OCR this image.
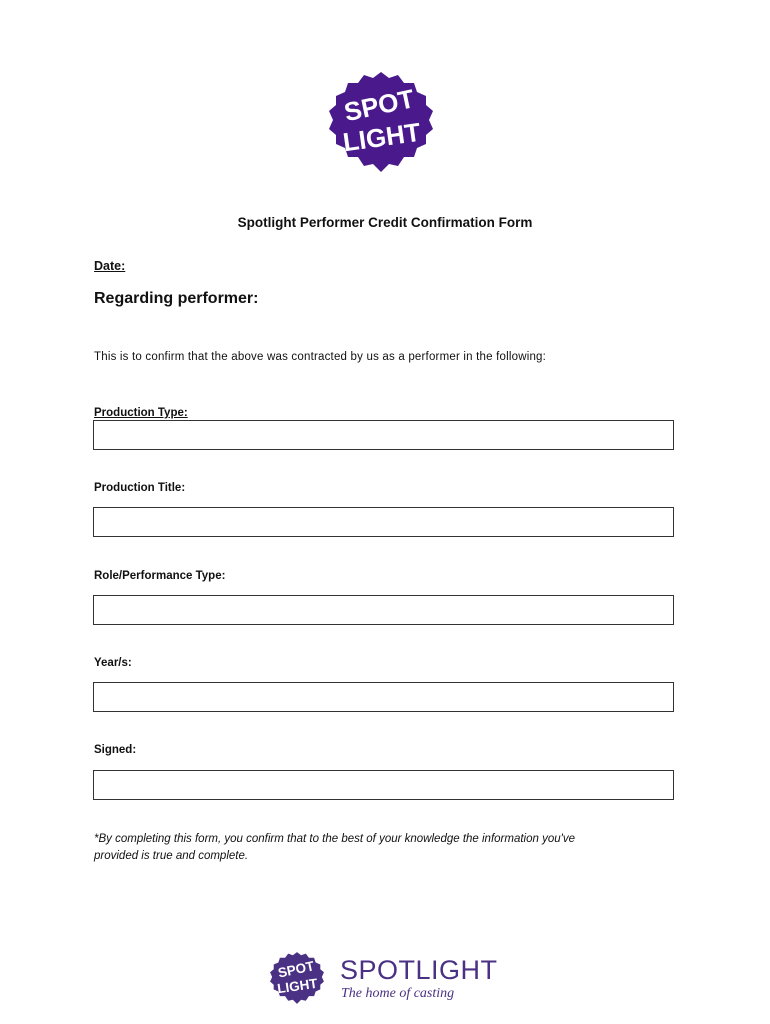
SPOT
LIGHT
Spotlight Performer Credit Confirmation Form
Date:
Regarding performer:
This is to confirm that the above was contracted by us as a performer in the following:
Production Type:
Production Title:
Role/Performance Type:
Year/s:
Signed:
*By completing this form, you confirm that to the best of your knowledge the information you've
provided is true and complete.
SPOT
LIGHT
SPOTLIGHT
The home of casting
